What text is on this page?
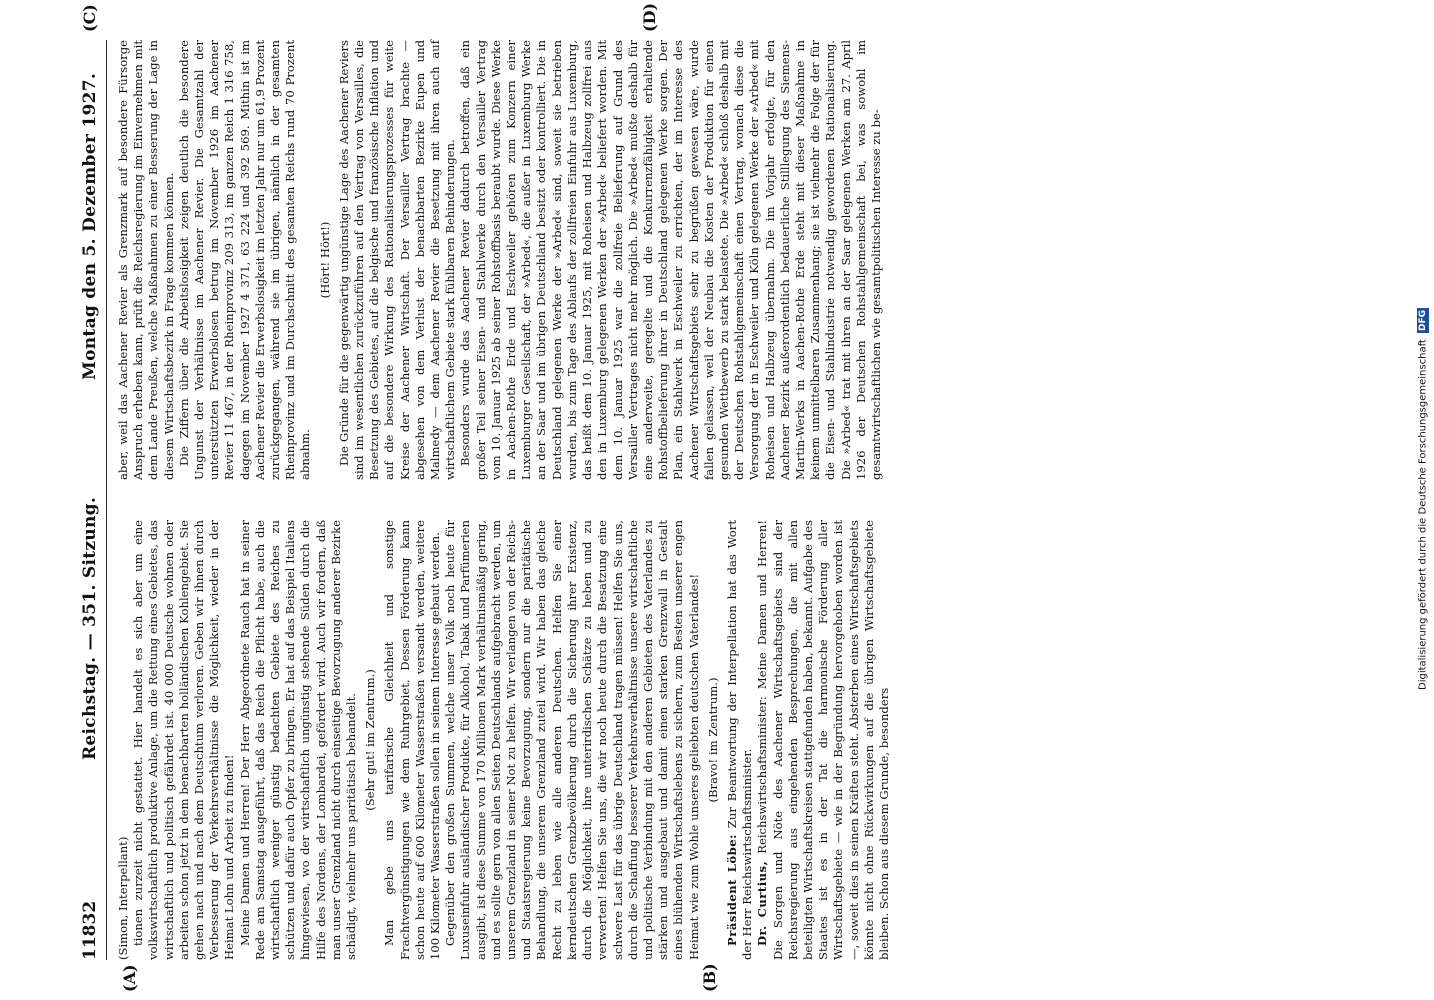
11832
Reichstag. — 351. Sitzung.
Montag den 5. Dezember 1927.
(A)	(B)
(C)	(D)

(Simon, Interpellant) tionen zurzeit nicht gestattet. Hier handelt es sich aber um eine volkswirtschaftlich produktive Anlage, um die Rettung eines Gebietes, das wirtschaftlich und politisch gefährdet ist. 40 000 Deutsche wohnen oder arbeiten schon jetzt in dem benachbarten holländischen Kohlengebiet. Sie gehen nach und nach dem Deutschtum verloren. Geben wir ihnen durch Verbesserung der Verkehrsverhältnisse die Möglichkeit, wieder in der Heimat Lohn und Arbeit zu finden! Meine Damen und Herren! Der Herr Abgeordnete Rauch hat in seiner Rede am Samstag ausgeführt, daß das Reich die Pflicht habe, auch die wirtschaftlich weniger günstig bedachten Gebiete des Reiches zu schützen und dafür auch Opfer zu bringen. Er hat auf das Beispiel Italiens hingewiesen, wo der wirtschaftlich ungünstig stehende Süden durch die Hilfe des Nordens, der Lombardei, gefördert wird. Auch wir fordern, daß man unser Grenzland nicht durch einseitige Bevorzugung anderer Bezirke schädigt, vielmehr uns paritätisch behandelt. (Sehr gut! im Zentrum.) Man gebe uns tarifarische Gleichheit und sonstige Frachtvergünstigungen wie dem Ruhrgebiet. Dessen Förderung kann schon heute auf 600 Kilometer Wasserstraßen versandt werden, weitere 100 Kilometer Wasserstraßen sollen in seinem Interesse gebaut werden. Gegenüber den großen Summen, welche unser Volk noch heute für Luxuseinfuhr ausländischer Produkte, für Alkohol, Tabak und Parfümerien ausgibt, ist diese Summe von 170 Millionen Mark verhältnismäßig gering, und es sollte gern von allen Seiten Deutschlands aufgebracht werden, um unserem Grenzland in seiner Not zu helfen. Wir verlangen von der Reichs- und Staatsregierung keine Bevorzugung, sondern nur die paritätische Behandlung, die unserem Grenzland zuteil wird. Wir haben das gleiche Recht zu leben wie alle anderen Deutschen. Helfen Sie einer kerndeutschen Grenzbevölkerung durch die Sicherung ihrer Existenz, durch die Möglichkeit, ihre unterirdischen Schätze zu heben und zu verwerten! Helfen Sie uns, die wir noch heute durch die Besatzung eine schwere Last für das übrige Deutschland tragen müssen! Helfen Sie uns, durch die Schaffung besserer Verkehrsverhältnisse unsere wirtschaftliche und politische Verbindung mit den anderen Gebieten des Vaterlandes zu stärken und ausgebaut und damit einen starken Grenzwall in Gestalt eines blühenden Wirtschaftslebens zu sichern, zum Besten unserer engen Heimat wie zum Wohle unseres geliebten deutschen Vaterlandes! (Bravo! im Zentrum.)

Präsident Löbe: Zur Beantwortung der Interpellation hat das Wort der Herr Reichswirtschaftsminister. Dr. Curtius, Reichswirtschaftsminister: Meine Damen und Herren! Die Sorgen und Nöte des Aachener Wirtschaftsgebiets sind der Reichsregierung aus eingehenden Besprechungen, die mit allen beteiligten Wirtschaftskreisen stattgefunden haben, bekannt. Aufgabe des Staates ist es in der Tat die harmonische Förderung aller Wirtschaftsgebiete — wie in der Begründung hervorgehoben worden ist —, soweit dies in seinen Kräften steht. Absterben eines Wirtschaftsgebiets könnte nicht ohne Rückwirkungen auf die übrigen Wirtschaftsgebiete bleiben. Schon aus diesem Grunde, besonders

aber, weil das Aachener Revier als Grenzmark auf besondere Fürsorge Anspruch erheben kann, prüft die Reichsregierung im Einvernehmen mit dem Lande Preußen, welche Maßnahmen zu einer Besserung der Lage in diesem Wirtschaftsbezirk in Frage kommen können. Die Ziffern über die Arbeitslosigkeit zeigen deutlich die besondere Ungunst der Verhältnisse im Aachener Revier. Die Gesamtzahl der unterstützten Erwerbslosen betrug im November 1926 im Aachener Revier 11 467, in der Rheinprovinz 209 313, im ganzen Reich 1 316 758, dagegen im November 1927 4 371, 63 224 und 392 569. Mithin ist im Aachener Revier die Erwerbslosigkeit im letzten Jahr nur um 61,9 Prozent zurückgegangen, während sie im übrigen, nämlich in der gesamten Rheinprovinz und im Durchschnitt des gesamten Reichs rund 70 Prozent abnahm.

(Hört! Hört!) Die Gründe für die gegenwärtig ungünstige Lage des Aachener Reviers sind im wesentlichen zurückzuführen auf den Vertrag von Versailles, die Besetzung des Gebietes, auf die belgische und französische Inflation und auf die besondere Wirkung des Rationalisierungsprozesses für weite Kreise der Aachener Wirtschaft. Der Versailler Vertrag brachte — abgesehen von dem Verlust der benachbarten Bezirke Eupen und Malmedy — dem Aachener Revier die Besetzung mit ihren auch auf wirtschaftlichem Gebiete stark fühlbaren Behinderungen. Besonders wurde das Aachener Revier dadurch betroffen, daß ein großer Teil seiner Eisen- und Stahlwerke durch den Versailler Vertrag vom 10. Januar 1925 ab seiner Rohstoffbasis beraubt wurde. Diese Werke in Aachen-Rothe Erde und Eschweiler gehören zum Konzern einer Luxemburger Gesellschaft, der »Arbed«, die außer in Luxemburg Werke an der Saar und im übrigen Deutschland besitzt oder kontrolliert. Die in Deutschland gelegenen Werke der »Arbed« sind, soweit sie betrieben wurden, bis zum Tage des Ablaufs der zollfreien Einfuhr aus Luxemburg, das heißt dem 10. Januar 1925, mit Roheisen und Halbzeug zollfrei aus den in Luxemburg gelegenen Werken der »Arbed« beliefert worden. Mit dem 10. Januar 1925 war die zollfreie Belieferung auf Grund des Versailler Vertrages nicht mehr möglich. Die »Arbed« mußte deshalb für eine anderweite, geregelte und die Konkurrenzfähigkeit erhaltende Rohstoffbelieferung ihrer in Deutschland gelegenen Werke sorgen. Der Plan, ein Stahlwerk in Eschweiler zu errichten, der im Interesse des Aachener Wirtschaftsgebiets sehr zu begrüßen gewesen wäre, wurde fallen gelassen, weil der Neubau die Kosten der Produktion für einen gesunden Wettbewerb zu stark belastete. Die »Arbed« schloß deshalb mit der Deutschen Rohstahlgemeinschaft einen Vertrag, wonach diese die Versorgung der in Eschweiler und Köln gelegenen Werke der »Arbed« mit Roheisen und Halbzeug übernahm. Die im Vorjahr erfolgte, für den Aachener Bezirk außerordentlich bedauerliche Stilllegung des Siemens-Martin-Werks in Aachen-Rothe Erde steht mit dieser Maßnahme in keinem unmittelbaren Zusammenhang; sie ist vielmehr die Folge der für die Eisen- und Stahlindustrie notwendig gewordenen Rationalisierung. Die »Arbed« trat mit ihren an der Saar gelegenen Werken am 27. April 1926 der Deutschen Rohstahlgemeinschaft bei, was sowohl im gesamtwirtschaftlichen wie gesamtpolitischen Interesse zu be-

Digitalisierung gefördert durch die Deutsche Forschungsgemeinschaft
DFG
